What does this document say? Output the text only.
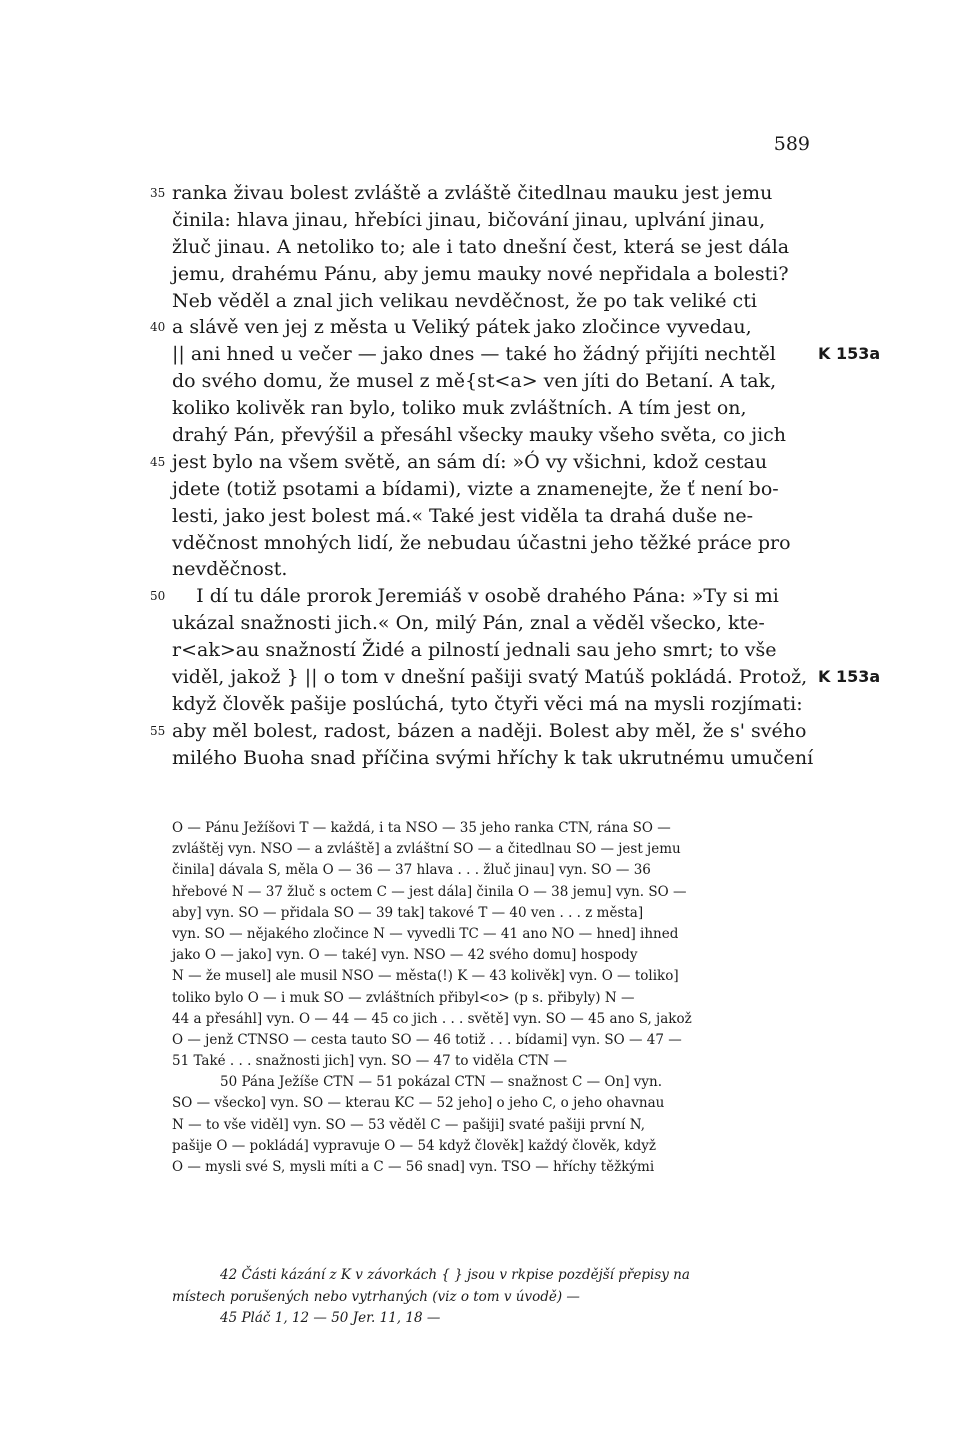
589
35 ranka živau bolest zvláště a zvláště čitedlnau mauku jest jemu
činila: hlava jinau, hřebíci jinau, bičování jinau, uplvání jinau,
žluč jinau. A netoliko to; ale i tato dnešní čest, která se jest dála
jemu, drahému Pánu, aby jemu mauky nové nepřidala a bolesti?
Neb věděl a znal jich velikau nevděčnost, že po tak veliké cti
40 a slávě ven jej z města u Veliký pátek jako zločince vyvedau,
|| ani hned u večer — jako dnes — také ho žádný přijíti nechtěl	K 153a
do svého domu, že musel z mě{st<a> ven jíti do Betaní. A tak,
koliko kolivěk ran bylo, toliko muk zvláštních. A tím jest on,
drahý Pán, převýšil a přesáhl všecky mauky všeho světa, co jich
45 jest bylo na všem světě, an sám dí: »Ó vy všichni, kdož cestau
jdete (totiž psotami a bídami), vizte a znamenejte, že ť není bo-
lesti, jako jest bolest má.« Také jest viděla ta drahá duše ne-
vděčnost mnohých lidí, že nebudau účastni jeho těžké práce pro
nevděčnost.
50 I dí tu dále prorok Jeremiáš v osobě drahého Pána: »Ty si mi
ukázal snažnosti jich.« On, milý Pán, znal a věděl všecko, kte-
r<ak>au snažností Židé a pilností jednali sau jeho smrt; to vše
viděl, jakož } || o tom v dnešní pašiji svatý Matúš pokládá. Protož, K 153a
když člověk pašije poslúchá, tyto čtyři věci má na mysli rozjímati:
55 aby měl bolest, radost, bázen a naději. Bolest aby měl, že s' svého
milého Buoha snad příčina svými hříchy k tak ukrutnému umučení
O — Pánu Ježíšovi T — každá, i ta NSO — 35 jeho ranka CTN, rána SO —
zvláštěj vyn. NSO — a zvláště] a zvláštní SO — a čitedlnau SO — jest jemu
činila] dávala S, měla O — 36 — 37 hlava . . . žluč jinau] vyn. SO — 36
hřebové N — 37 žluč s octem C — jest dála] činila O — 38 jemu] vyn. SO —
aby] vyn. SO — přidala SO — 39 tak] takové T — 40 ven . . . z města]
vyn. SO — nějakého zločince N — vyvedli TC — 41 ano NO — hned] ihned
jako O — jako] vyn. O — také] vyn. NSO — 42 svého domu] hospody
N — že musel] ale musil NSO — města(!) K — 43 kolivěk] vyn. O — toliko]
toliko bylo O — i muk SO — zvláštních přibyl<o> (p s. přibyly) N —
44 a přesáhl] vyn. O — 44 — 45 co jich . . . světě] vyn. SO — 45 ano S, jakož
O — jenž CTNSO — cesta tauto SO — 46 totiž . . . bídami] vyn. SO — 47 —
51 Také . . . snažnosti jich] vyn. SO — 47 to viděla CTN —
50 Pána Ježíše CTN — 51 pokázal CTN — snažnost C — On] vyn.
SO — všecko] vyn. SO — kterau KC — 52 jeho] o jeho C, o jeho ohavnau
N — to vše viděl] vyn. SO — 53 věděl C — pašiji] svaté pašiji první N,
pašije O — pokládá] vypravuje O — 54 když člověk] každý člověk, když
O — mysli své S, mysli míti a C — 56 snad] vyn. TSO — hříchy těžkými
42 Části kázání z K v závorkách { } jsou v rkpise pozdější přepisy na
místech porušených nebo vytrhaných (viz o tom v úvodě) —
45 Pláč 1, 12 — 50 Jer. 11, 18 —
